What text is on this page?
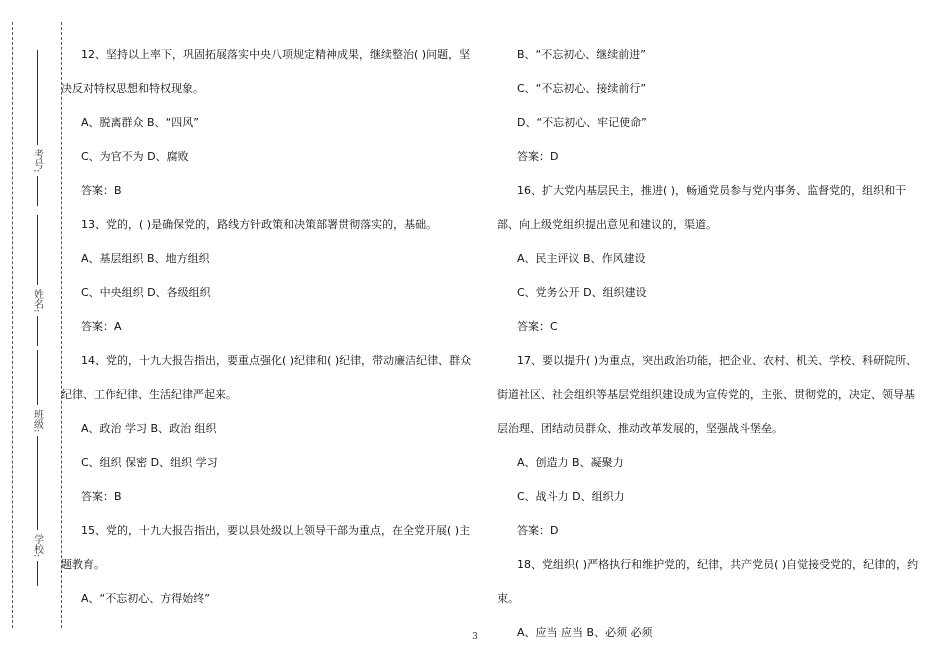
考号:
姓名:
班级:
学校:

12、坚持以上率下，巩固拓展落实中央八项规定精神成果，继续整治( )问题，坚决反对特权思想和特权现象。

A、脱离群众 B、“四风”

C、为官不为 D、腐败

答案：B

13、党的，( )是确保党的，路线方针政策和决策部署贯彻落实的，基础。

A、基层组织 B、地方组织

C、中央组织 D、各级组织

答案：A

14、党的，十九大报告指出，要重点强化( )纪律和( )纪律，带动廉洁纪律、群众纪律、工作纪律、生活纪律严起来。

A、政治 学习 B、政治 组织

C、组织 保密 D、组织 学习

答案：B

15、党的，十九大报告指出，要以县处级以上领导干部为重点，在全党开展( )主题教育。

A、“不忘初心、方得始终”

B、“不忘初心、继续前进”

C、“不忘初心、接续前行”

D、“不忘初心、牢记使命”

答案：D

16、扩大党内基层民主，推进( )，畅通党员参与党内事务、监督党的，组织和干部、向上级党组织提出意见和建议的，渠道。

A、民主评议 B、作风建设

C、党务公开 D、组织建设

答案：C

17、要以提升( )为重点，突出政治功能，把企业、农村、机关、学校、科研院所、街道社区、社会组织等基层党组织建设成为宣传党的，主张、贯彻党的，决定、领导基层治理、团结动员群众、推动改革发展的，坚强战斗堡垒。

A、创造力 B、凝聚力

C、战斗力 D、组织力

答案：D

18、党组织( )严格执行和维护党的，纪律，共产党员( )自觉接受党的，纪律的，约束。

A、应当 应当 B、必须 必须

3
